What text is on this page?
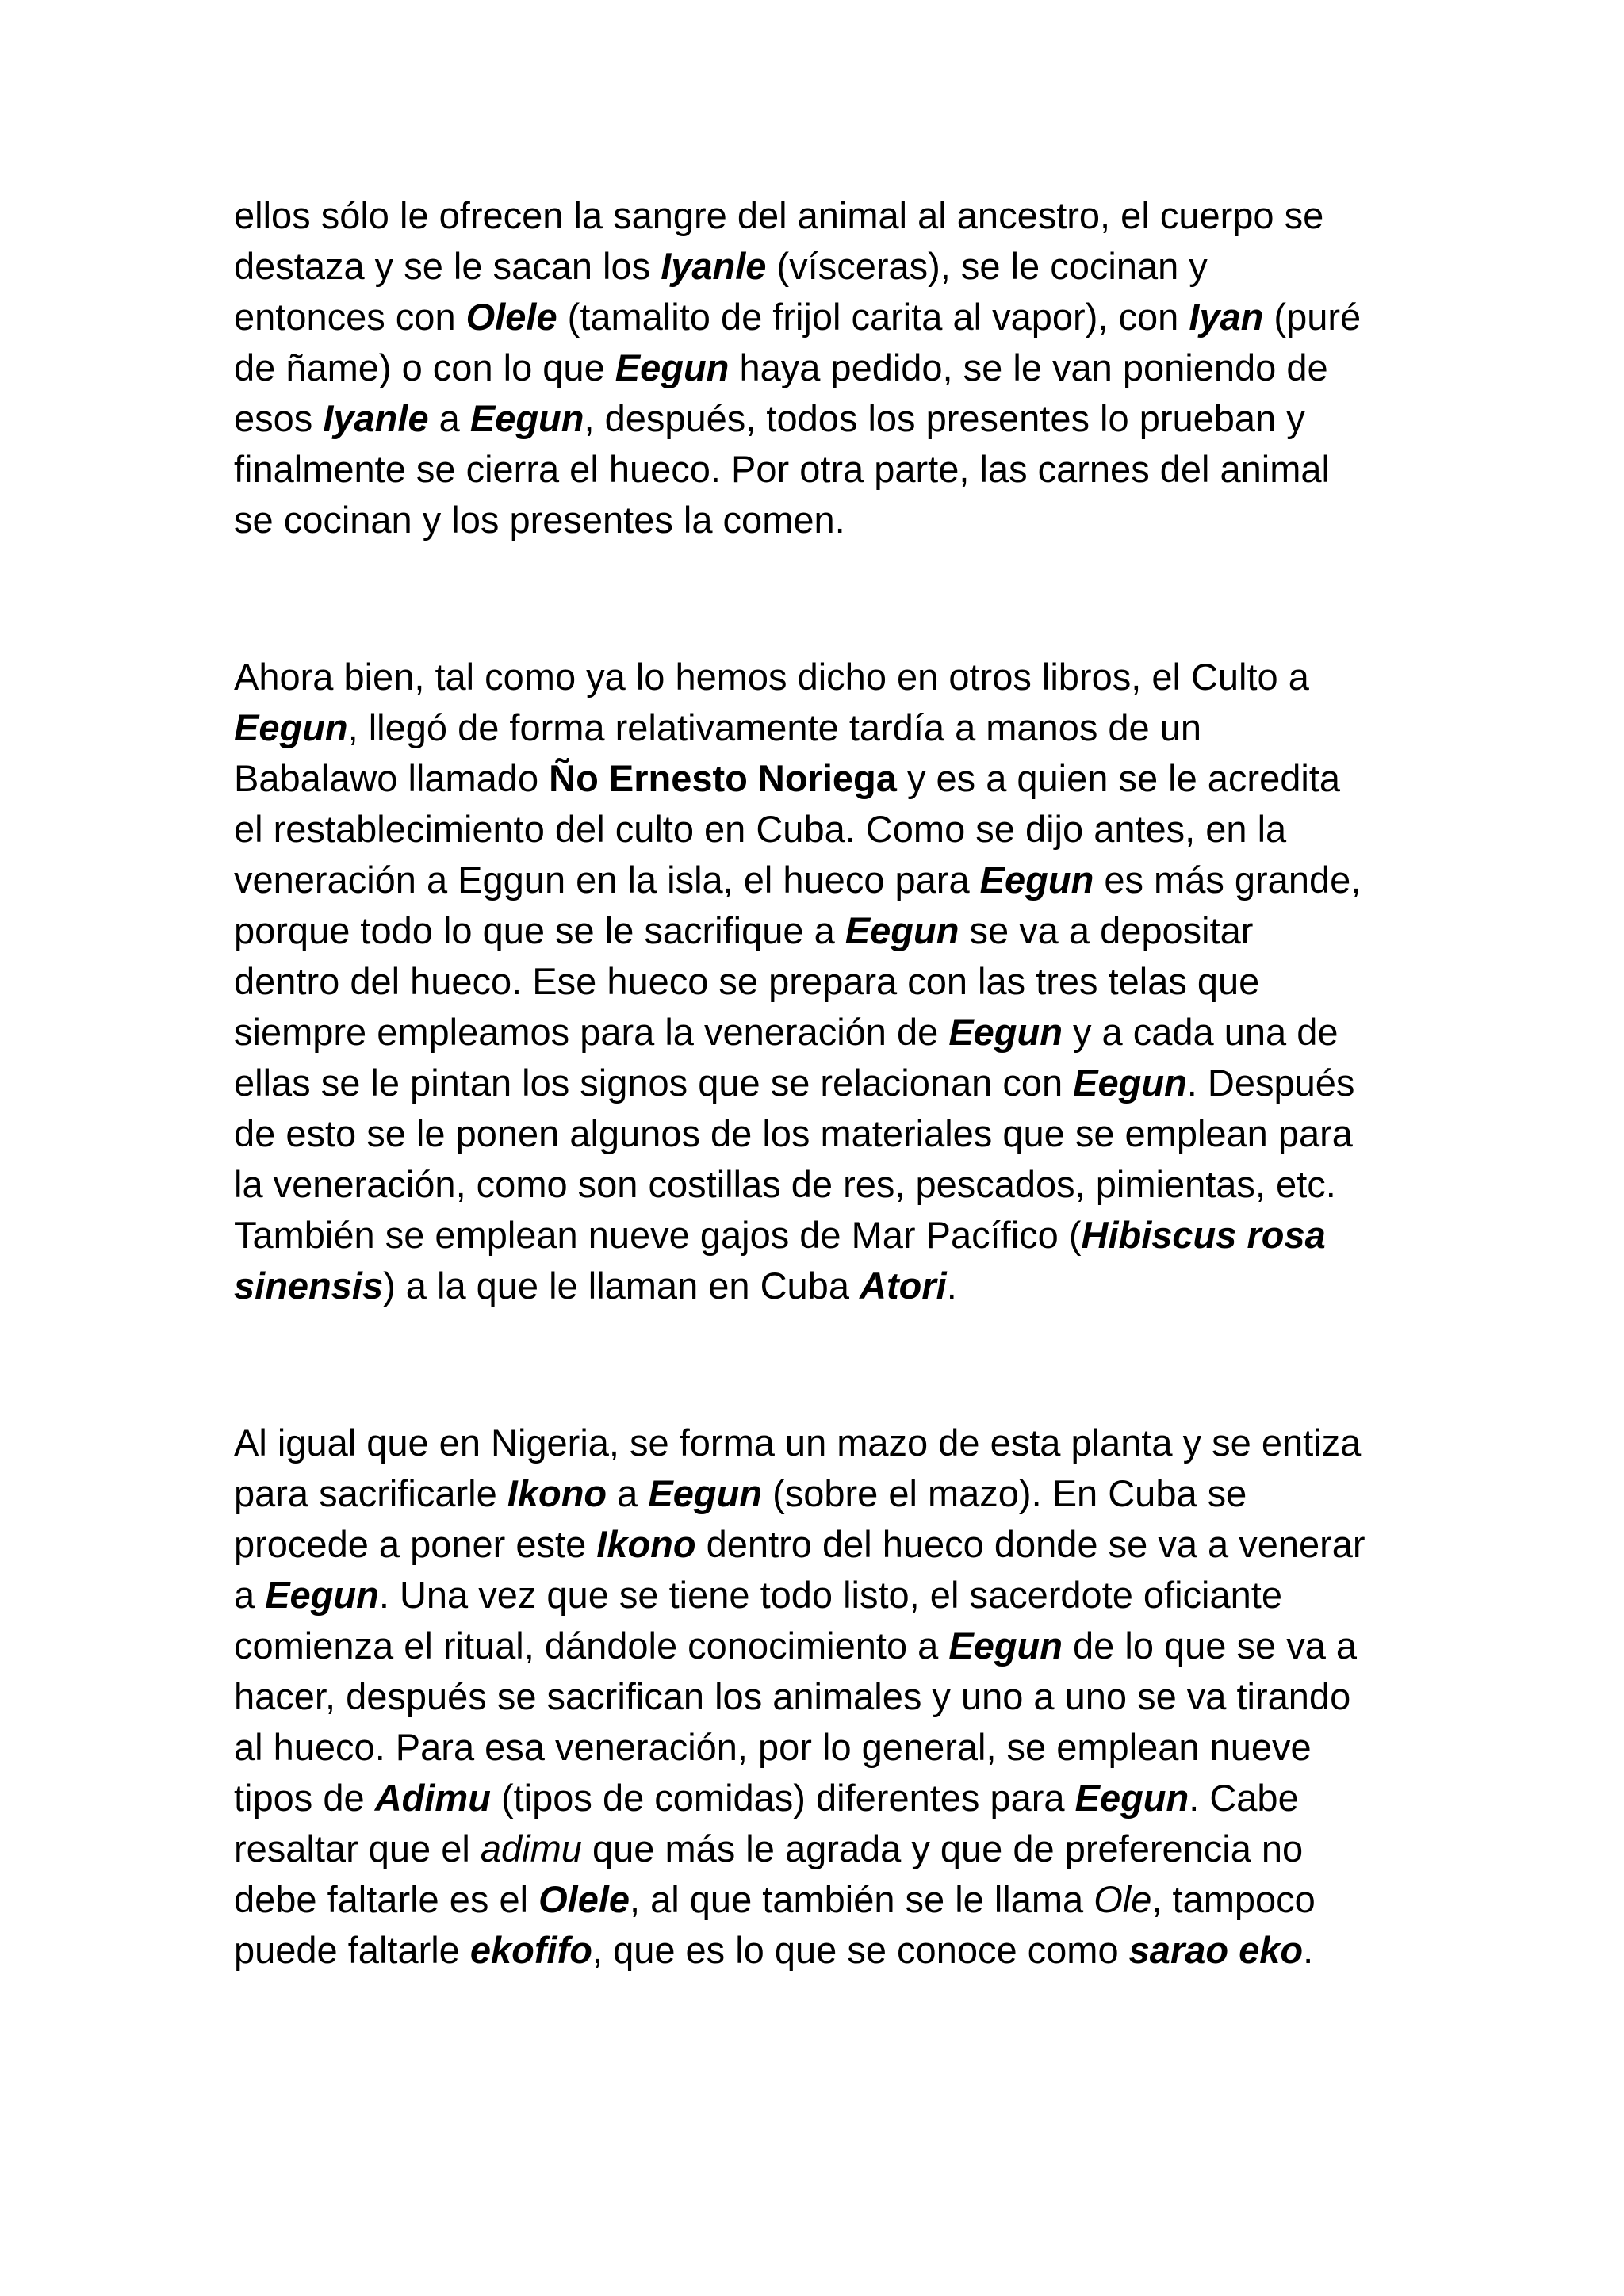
ellos sólo le ofrecen la sangre del animal al ancestro, el cuerpo se
destaza y se le sacan los Iyanle (vísceras), se le cocinan y
entonces con Olele (tamalito de frijol carita al vapor), con Iyan (puré
de ñame) o con lo que Eegun haya pedido, se le van poniendo de
esos Iyanle a Eegun, después, todos los presentes lo prueban y
finalmente se cierra el hueco. Por otra parte, las carnes del animal
se cocinan y los presentes la comen.

Ahora bien, tal como ya lo hemos dicho en otros libros, el Culto a
Eegun, llegó de forma relativamente tardía a manos de un
Babalawo llamado Ño Ernesto Noriega y es a quien se le acredita
el restablecimiento del culto en Cuba. Como se dijo antes, en la
veneración a Eggun en la isla, el hueco para Eegun es más grande,
porque todo lo que se le sacrifique a Eegun se va a depositar
dentro del hueco. Ese hueco se prepara con las tres telas que
siempre empleamos para la veneración de Eegun y a cada una de
ellas se le pintan los signos que se relacionan con Eegun. Después
de esto se le ponen algunos de los materiales que se emplean para
la veneración, como son costillas de res, pescados, pimientas, etc.
También se emplean nueve gajos de Mar Pacífico (Hibiscus rosa
sinensis) a la que le llaman en Cuba Atori.

Al igual que en Nigeria, se forma un mazo de esta planta y se entiza
para sacrificarle Ikono a Eegun (sobre el mazo). En Cuba se
procede a poner este Ikono dentro del hueco donde se va a venerar
a Eegun. Una vez que se tiene todo listo, el sacerdote oficiante
comienza el ritual, dándole conocimiento a Eegun de lo que se va a
hacer, después se sacrifican los animales y uno a uno se va tirando
al hueco. Para esa veneración, por lo general, se emplean nueve
tipos de Adimu (tipos de comidas) diferentes para Eegun. Cabe
resaltar que el adimu que más le agrada y que de preferencia no
debe faltarle es el Olele, al que también se le llama Ole, tampoco
puede faltarle ekofifo, que es lo que se conoce como sarao eko.
